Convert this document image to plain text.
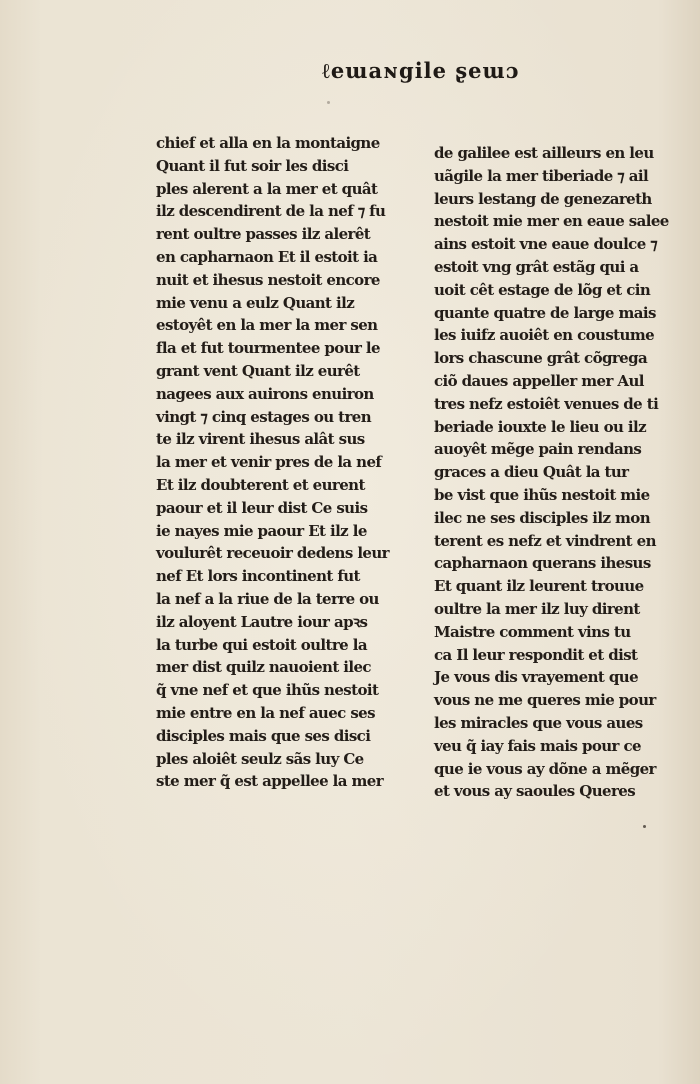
ℓeɯaɴgile ʂeɯɔ
chief et alla en la montaigne
Quant il fut soir les disci
ples alerent a la mer et quât
ilz descendirent de la nef ⁊ fu
rent oultre passes ilz alerêt
en capharnaon Et il estoit ia
nuit et ihesus nestoit encore
mie venu a eulz Quant ilz
estoyêt en la mer la mer sen
fla et fut tourmentee pour le
grant vent Quant ilz eurêt
nagees aux auirons enuiron
vingt ⁊ cinq estages ou tren
te ilz virent ihesus alât sus
la mer et venir pres de la nef
Et ilz doubterent et eurent
paour et il leur dist Ce suis
ie nayes mie paour Et ilz le
voulurêt receuoir dedens leur
nef Et lors incontinent fut
la nef a la riue de la terre ou
ilz aloyent Lautre iour apꝛs
la turbe qui estoit oultre la
mer dist quilz nauoient ilec
q̃ vne nef et que ihũs nestoit
mie entre en la nef auec ses
disciples mais que ses disci
ples aloiêt seulz sãs luy Ce
ste mer q̃ est appellee la mer
de galilee est ailleurs en leu
uãgile la mer tiberiade ⁊ ail
leurs lestang de genezareth
nestoit mie mer en eaue salee
ains estoit vne eaue doulce ⁊
estoit vng grât estãg qui a
uoit cêt estage de lõg et cin
quante quatre de large mais
les iuifz auoiêt en coustume
lors chascune grât cõgrega
ciõ daues appeller mer Aul
tres nefz estoiêt venues de ti
beriade iouxte le lieu ou ilz
auoyêt mẽge pain rendans
graces a dieu Quât la tur
be vist que ihũs nestoit mie
ilec ne ses disciples ilz mon
terent es nefz et vindrent en
capharnaon querans ihesus
Et quant ilz leurent trouue
oultre la mer ilz luy dirent
Maistre comment vins tu
ca Il leur respondit et dist
Je vous dis vrayement que
vous ne me queres mie pour
les miracles que vous aues
veu q̃ iay fais mais pour ce
que ie vous ay dõne a mẽger
et vous ay saoules Queres
